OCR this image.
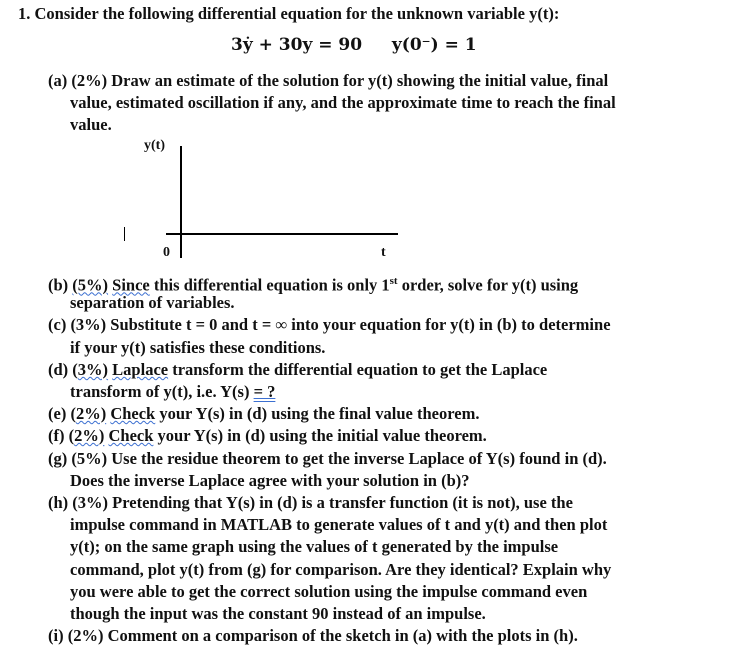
1. Consider the following differential equation for the unknown variable y(t):
3ẏ + 30y = 90 y(0⁻) = 1
(a) (2%) Draw an estimate of the solution for y(t) showing the initial value, final
value, estimated oscillation if any, and the approximate time to reach the final
value.
y(t)
0	t
(b) (5%) Since this differential equation is only 1st order, solve for y(t) using
separation of variables.
(c) (3%) Substitute t = 0 and t = ∞ into your equation for y(t) in (b) to determine
if your y(t) satisfies these conditions.
(d) (3%) Laplace transform the differential equation to get the Laplace
transform of y(t), i.e. Y(s) = ?
(e) (2%) Check your Y(s) in (d) using the final value theorem.
(f) (2%) Check your Y(s) in (d) using the initial value theorem.
(g) (5%) Use the residue theorem to get the inverse Laplace of Y(s) found in (d).
Does the inverse Laplace agree with your solution in (b)?
(h) (3%) Pretending that Y(s) in (d) is a transfer function (it is not), use the
impulse command in MATLAB to generate values of t and y(t) and then plot
y(t); on the same graph using the values of t generated by the impulse
command, plot y(t) from (g) for comparison. Are they identical? Explain why
you were able to get the correct solution using the impulse command even
though the input was the constant 90 instead of an impulse.
(i) (2%) Comment on a comparison of the sketch in (a) with the plots in (h).
